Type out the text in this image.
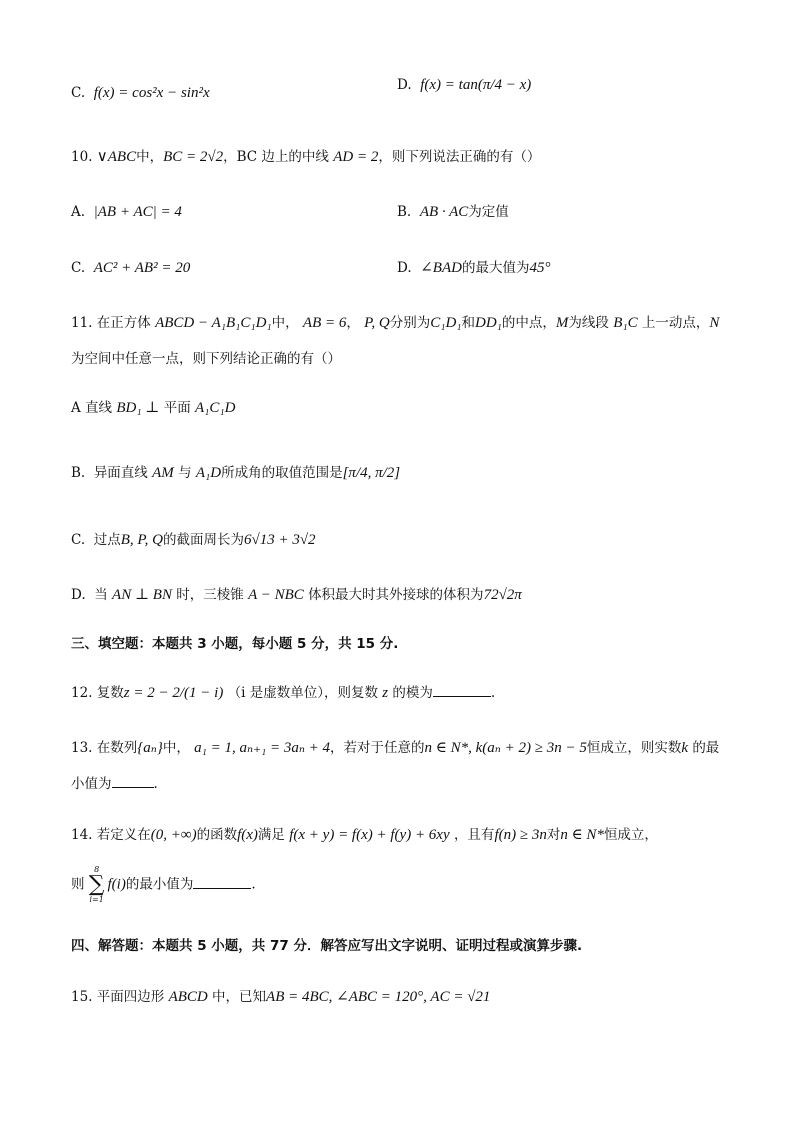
C. f(x) = cos²x − sin²x	D. f(x) = tan(π/4 − x)
10. ∨ABC中，BC = 2√2，BC 边上的中线 AD = 2，则下列说法正确的有（）
A. |AB + AC| = 4	B. AB · AC为定值
C. AC² + AB² = 20	D. ∠BAD的最大值为45°
11. 在正方体 ABCD − A₁B₁C₁D₁中， AB = 6， P, Q分别为C₁D₁和DD₁的中点，M为线段 B₁C 上一动点，N
为空间中任意一点，则下列结论正确的有（）
A 直线 BD₁ ⊥ 平面 A₁C₁D
B. 异面直线 AM 与 A₁D所成角的取值范围是[π/4, π/2]
C. 过点B, P, Q的截面周长为6√13 + 3√2
D. 当 AN ⊥ BN 时，三棱锥 A − NBC 体积最大时其外接球的体积为72√2π
三、填空题：本题共 3 小题，每小题 5 分，共 15 分.
12. 复数z = 2 − 2/(1 − i) （i 是虚数单位），则复数 z 的模为	.
13. 在数列{aₙ}中， a₁ = 1, aₙ₊₁ = 3aₙ + 4，若对于任意的n ∈ N*, k(aₙ + 2) ≥ 3n − 5恒成立，则实数k 的最
小值为	.
14. 若定义在(0, +∞)的函数f(x)满足 f(x + y) = f(x) + f(y) + 6xy ，且有f(n) ≥ 3n对n ∈ N*恒成立，
则
8
∑
i=1
f(i)的最小值为	.
四、解答题：本题共 5 小题，共 77 分．解答应写出文字说明、证明过程或演算步骤.
15. 平面四边形 ABCD 中，已知AB = 4BC, ∠ABC = 120°, AC = √21
